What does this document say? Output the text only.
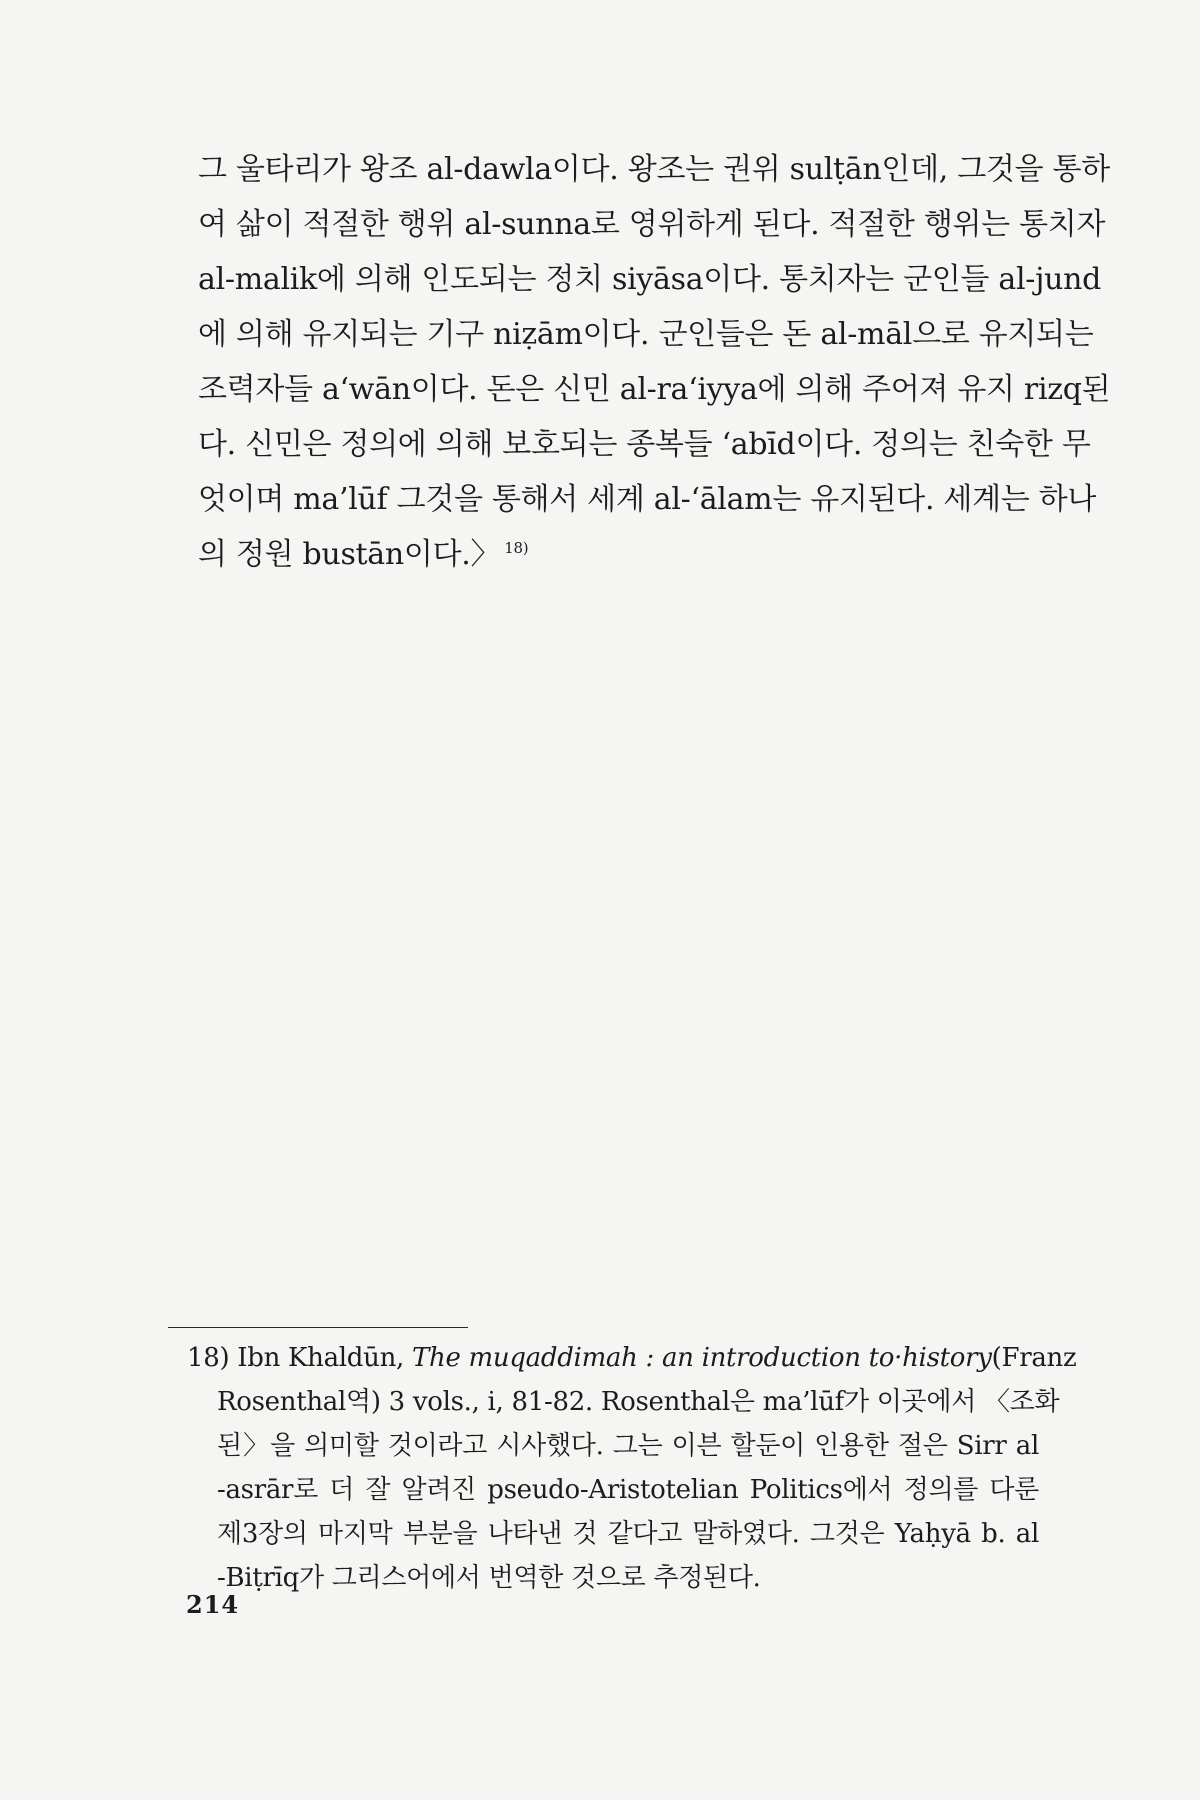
그 울타리가 왕조 al-dawla이다. 왕조는 권위 sulṭān인데, 그것을 통하
여 삶이 적절한 행위 al-sunna로 영위하게 된다. 적절한 행위는 통치자
al-malik에 의해 인도되는 정치 siyāsa이다. 통치자는 군인들 al-jund
에 의해 유지되는 기구 niẓām이다. 군인들은 돈 al-māl으로 유지되는
조력자들 a‘wān이다. 돈은 신민 al-ra‘iyya에 의해 주어져 유지 rizq된
다. 신민은 정의에 의해 보호되는 종복들 ‘abīd이다. 정의는 친숙한 무
엇이며 ma’lūf 그것을 통해서 세계 al-‘ālam는 유지된다. 세계는 하나
의 정원 bustān이다.〉 $^{18)}$
18) Ibn Khaldūn, The muqaddimah : an introduction to·history(Franz
Rosenthal역) 3 vols., i, 81-82. Rosenthal은 ma’lūf가 이곳에서 〈조화
된〉을 의미할 것이라고 시사했다. 그는 이븐 할둔이 인용한 절은 Sirr al
-asrār로 더 잘 알려진 pseudo-Aristotelian Politics에서 정의를 다룬
제3장의 마지막 부분을 나타낸 것 같다고 말하였다. 그것은 Yaḥyā b. al
-Biṭrīq가 그리스어에서 번역한 것으로 추정된다.
214
